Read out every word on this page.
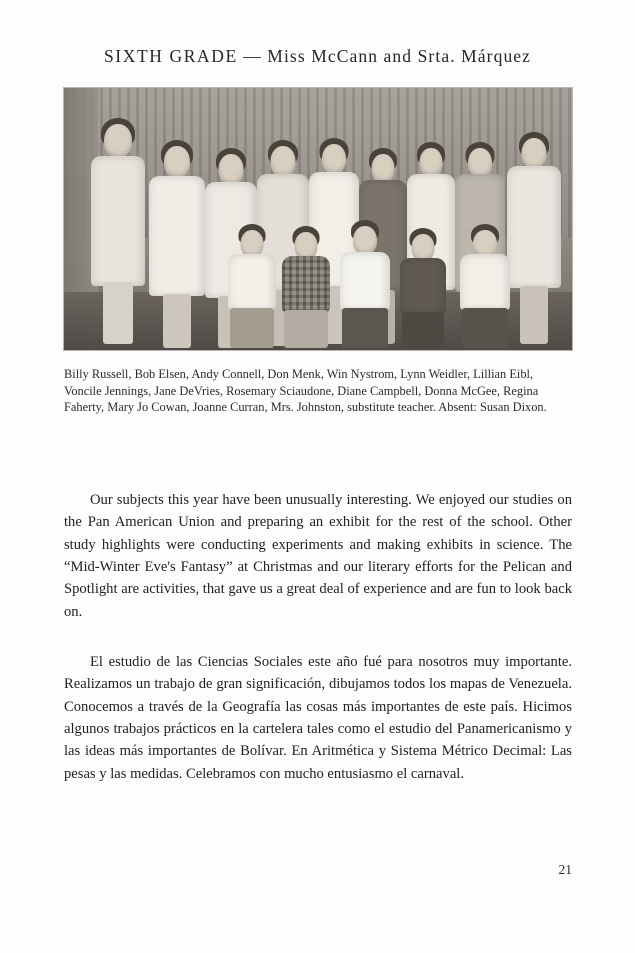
SIXTH GRADE — Miss McCann and Srta. Márquez
Billy Russell, Bob Elsen, Andy Connell, Don Menk, Win Nystrom, Lynn Weidler, Lillian Eibl, Voncile Jennings, Jane DeVries, Rosemary Sciaudone, Diane Campbell, Donna McGee, Regina Faherty, Mary Jo Cowan, Joanne Curran, Mrs. Johnston, substitute teacher. Absent: Susan Dixon.
Our subjects this year have been unusually interesting. We enjoyed our studies on the Pan American Union and preparing an exhibit for the rest of the school. Other study highlights were conducting experiments and making exhibits in science. The “Mid-Winter Eve's Fantasy” at Christmas and our literary efforts for the Pelican and Spotlight are activities, that gave us a great deal of experience and are fun to look back on.
El estudio de las Ciencias Sociales este año fué para nosotros muy importante. Realizamos un trabajo de gran significación, dibujamos todos los mapas de Venezuela. Conocemos a través de la Geografía las cosas más importantes de este país. Hicimos algunos trabajos prácticos en la cartelera tales como el estudio del Panamericanismo y las ideas más importantes de Bolívar. En Aritmética y Sistema Métrico Decimal: Las pesas y las medidas. Celebramos con mucho entusiasmo el carnaval.
21
